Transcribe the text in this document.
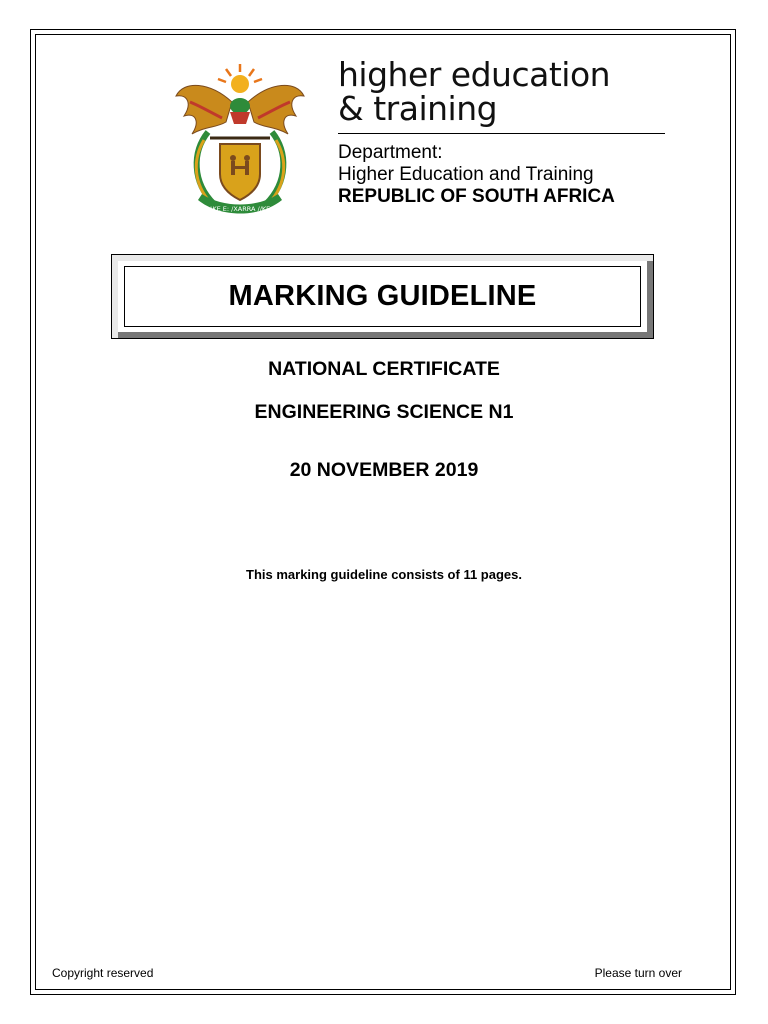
!KE E: /XARRA //KE
higher education
& training
Department:
Higher Education and Training
REPUBLIC OF SOUTH AFRICA
MARKING GUIDELINE
NATIONAL CERTIFICATE
ENGINEERING SCIENCE N1
20 NOVEMBER 2019
This marking guideline consists of 11 pages.
Copyright reserved	Please turn over
